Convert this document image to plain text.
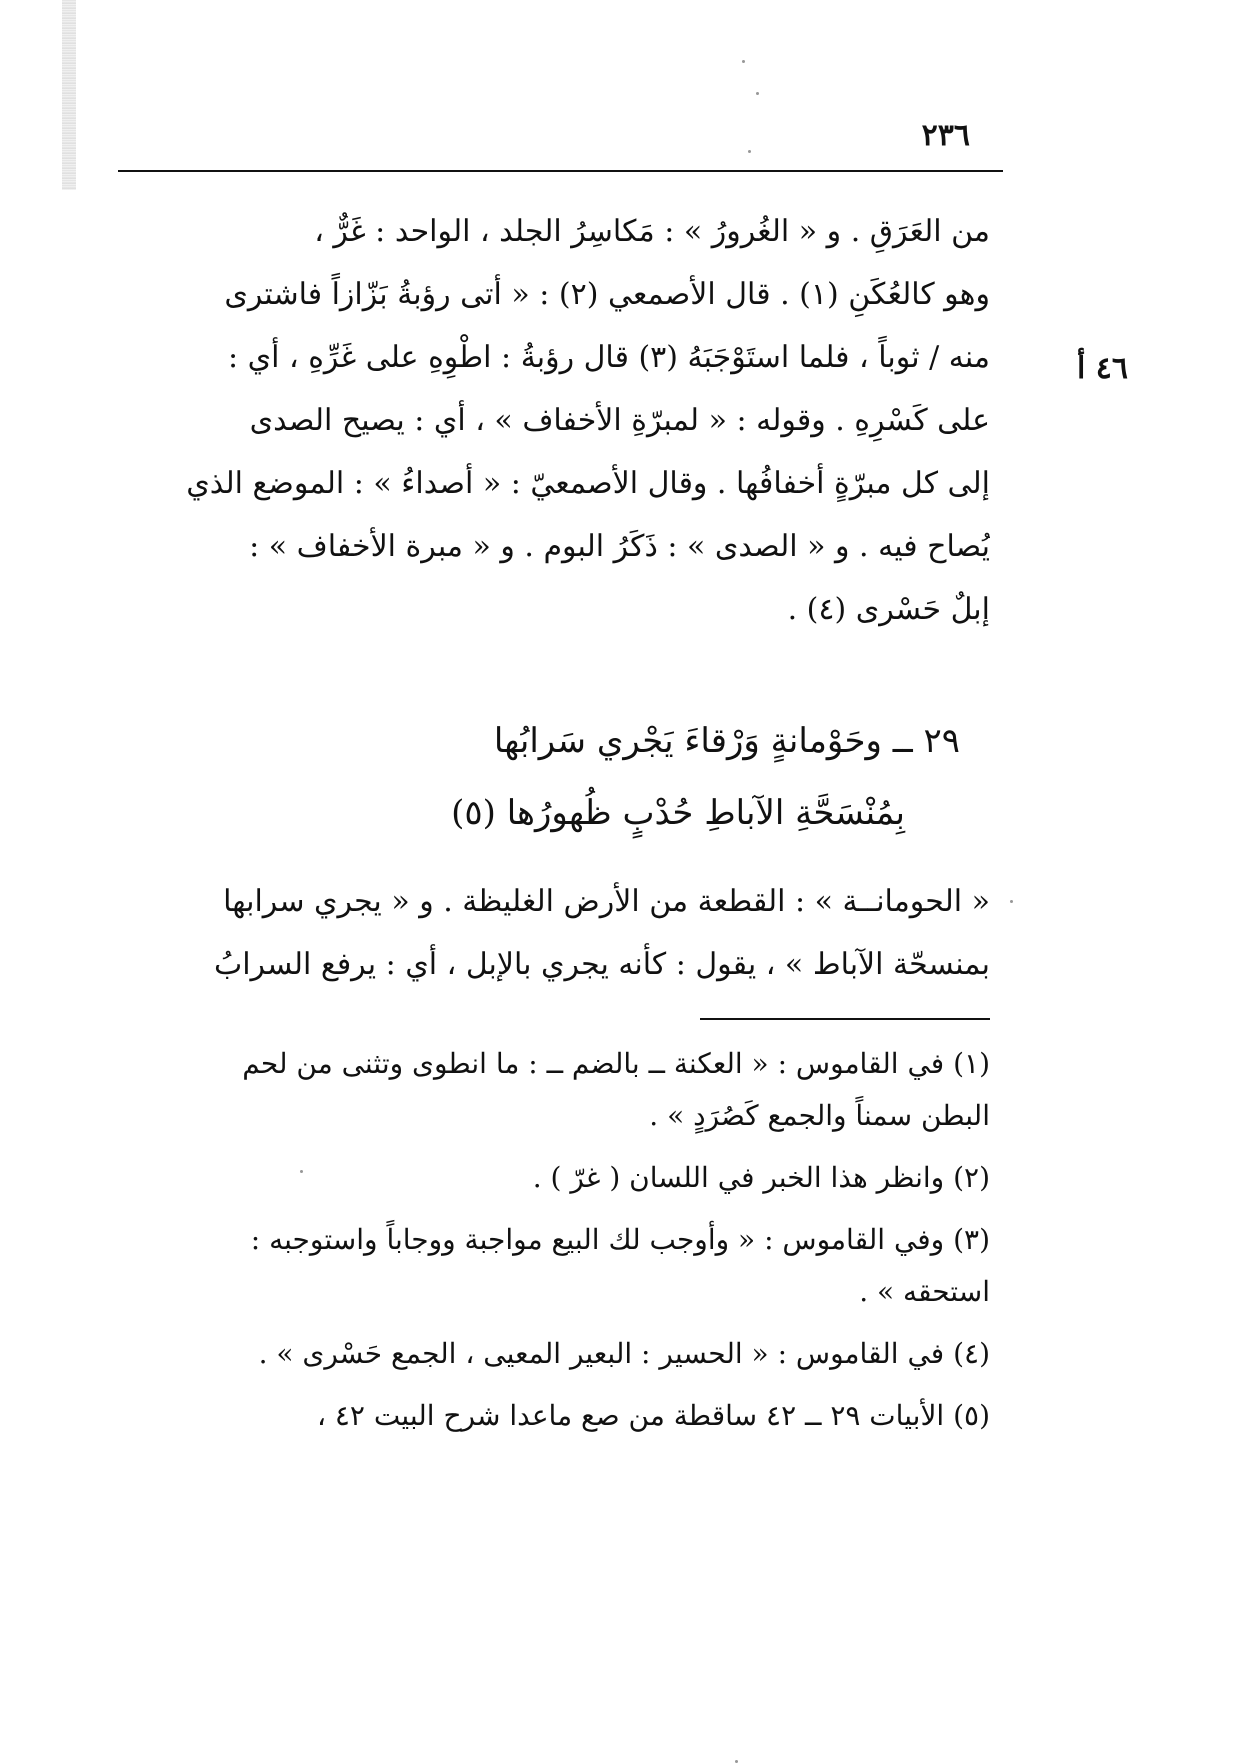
٢٣٦
٤٦ أ
من العَرَقِ . و « الغُرورُ » : مَكاسِرُ الجلد ، الواحد : غَرٌّ ،
وهو كالعُكَنِ (١) . قال الأصمعي (٢) : « أتى رؤبةُ بَزّازاً فاشترى
منه / ثوباً ، فلما استَوْجَبَهُ (٣) قال رؤبةُ : اطْوِهِ على غَرِّهِ ، أي :
على كَسْرِهِ . وقوله : « لمبرّةِ الأخفاف » ، أي : يصيح الصدى
إلى كل مبرّةٍ أخفافُها . وقال الأصمعيّ : « أصداءُ » : الموضع الذي
يُصاح فيه . و « الصدى » : ذَكَرُ البوم . و « مبرة الأخفاف » :
إبلٌ حَسْرى (٤) .
٢٩ ــ وحَوْمانةٍ وَرْقاءَ يَجْري سَرابُها
بِمُنْسَحَّةِ الآباطِ حُدْبٍ ظُهورُها (٥)
« الحومانــة » : القطعة من الأرض الغليظة . و « يجري سرابها
بمنسحّة الآباط » ، يقول : كأنه يجري بالإبل ، أي : يرفع السرابُ
(١) في القاموس : « العكنة ــ بالضم ــ : ما انطوى وتثنى من لحم
البطن سمناً والجمع كَصُرَدٍ » .
(٢) وانظر هذا الخبر في اللسان ( غرّ ) .
(٣) وفي القاموس : « وأوجب لك البيع مواجبة ووجاباً واستوجبه :
استحقه » .
(٤) في القاموس : « الحسير : البعير المعيى ، الجمع حَسْرى » .
(٥) الأبيات ٢٩ ــ ٤٢ ساقطة من صع ماعدا شرح البيت ٤٢ ،
